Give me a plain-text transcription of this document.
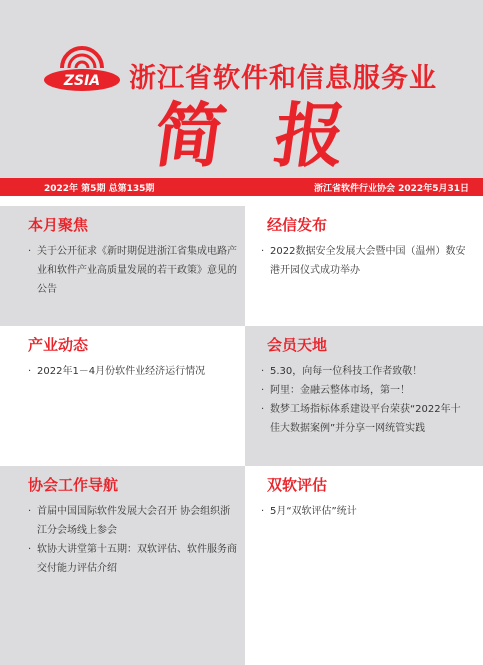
ZSIA 浙江省软件和信息服务业
简报
2022年 第5期 总第135期	浙江省软件行业协会 2022年5月31日
本月聚焦
· 关于公开征求《新时期促进浙江省集成电路产业和软件产业高质量发展的若干政策》意见的公告
经信发布
· 2022数据安全发展大会暨中国（温州）数安港开园仪式成功举办
产业动态
· 2022年1－4月份软件业经济运行情况
会员天地
· 5.30，向每一位科技工作者致敬！
· 阿里：金融云整体市场，第一！
· 数梦工场指标体系建设平台荣获“2022年十佳大数据案例”并分享一网统管实践
协会工作导航
· 首届中国国际软件发展大会召开 协会组织浙江分会场线上参会
· 软协大讲堂第十五期：双软评估、软件服务商交付能力评估介绍
双软评估
· 5月“双软评估”统计
